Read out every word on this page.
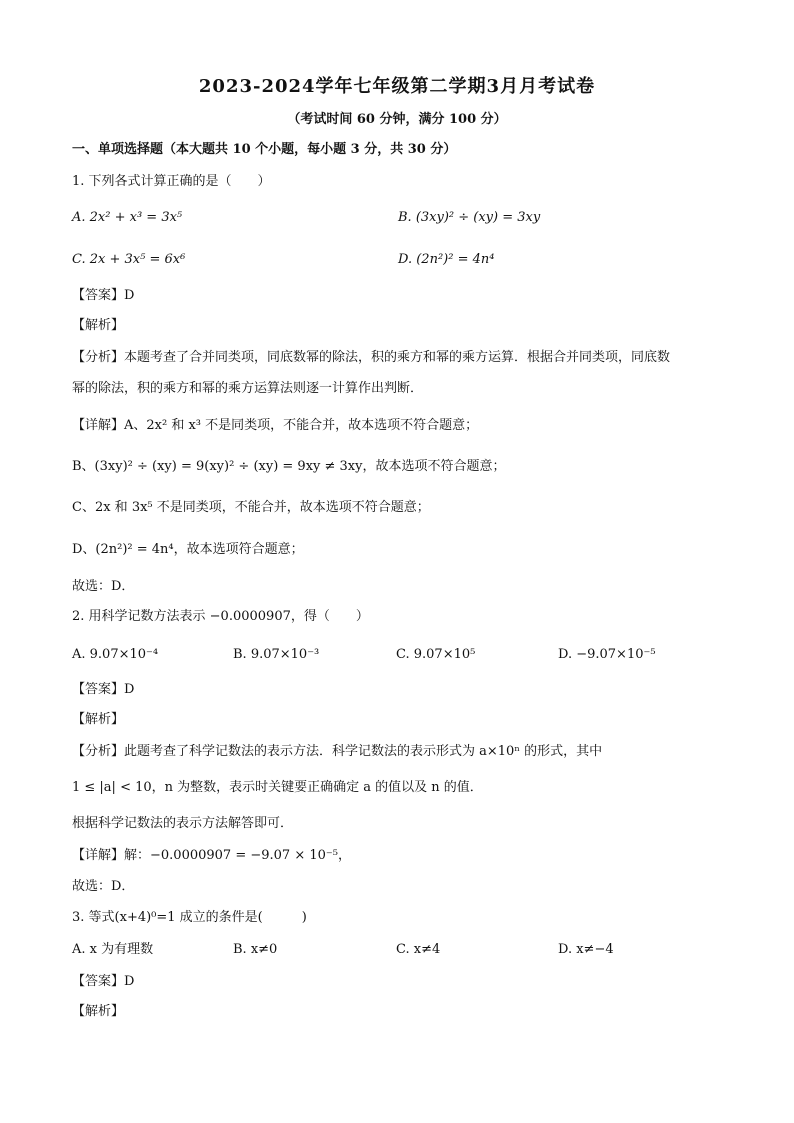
2023-2024学年七年级第二学期3月月考试卷
（考试时间 60 分钟，满分 100 分）
一、单项选择题（本大题共 10 个小题，每小题 3 分，共 30 分）
1. 下列各式计算正确的是（　　）
A. 2x² + x³ = 3x⁵	B. (3xy)² ÷ (xy) = 3xy
C. 2x + 3x⁵ = 6x⁶	D. (2n²)² = 4n⁴
【答案】D
【解析】
【分析】本题考查了合并同类项，同底数幂的除法，积的乘方和幂的乘方运算．根据合并同类项，同底数
幂的除法，积的乘方和幂的乘方运算法则逐一计算作出判断．
【详解】A、2x² 和 x³ 不是同类项，不能合并，故本选项不符合题意；
B、(3xy)² ÷ (xy) = 9(xy)² ÷ (xy) = 9xy ≠ 3xy，故本选项不符合题意；
C、2x 和 3x⁵ 不是同类项，不能合并，故本选项不符合题意；
D、(2n²)² = 4n⁴，故本选项符合题意；
故选：D．
2. 用科学记数方法表示 −0.0000907，得（　　）
A. 9.07×10⁻⁴	B. 9.07×10⁻³	C. 9.07×10⁵	D. −9.07×10⁻⁵
【答案】D
【解析】
【分析】此题考查了科学记数法的表示方法．科学记数法的表示形式为 a×10ⁿ 的形式，其中
1 ≤ |a| < 10，n 为整数，表示时关键要正确确定 a 的值以及 n 的值．
根据科学记数法的表示方法解答即可．
【详解】解：−0.0000907 = −9.07 × 10⁻⁵，
故选：D．
3. 等式(x+4)⁰=1 成立的条件是(　　　)
A. x 为有理数	B. x≠0	C. x≠4	D. x≠−4
【答案】D
【解析】
